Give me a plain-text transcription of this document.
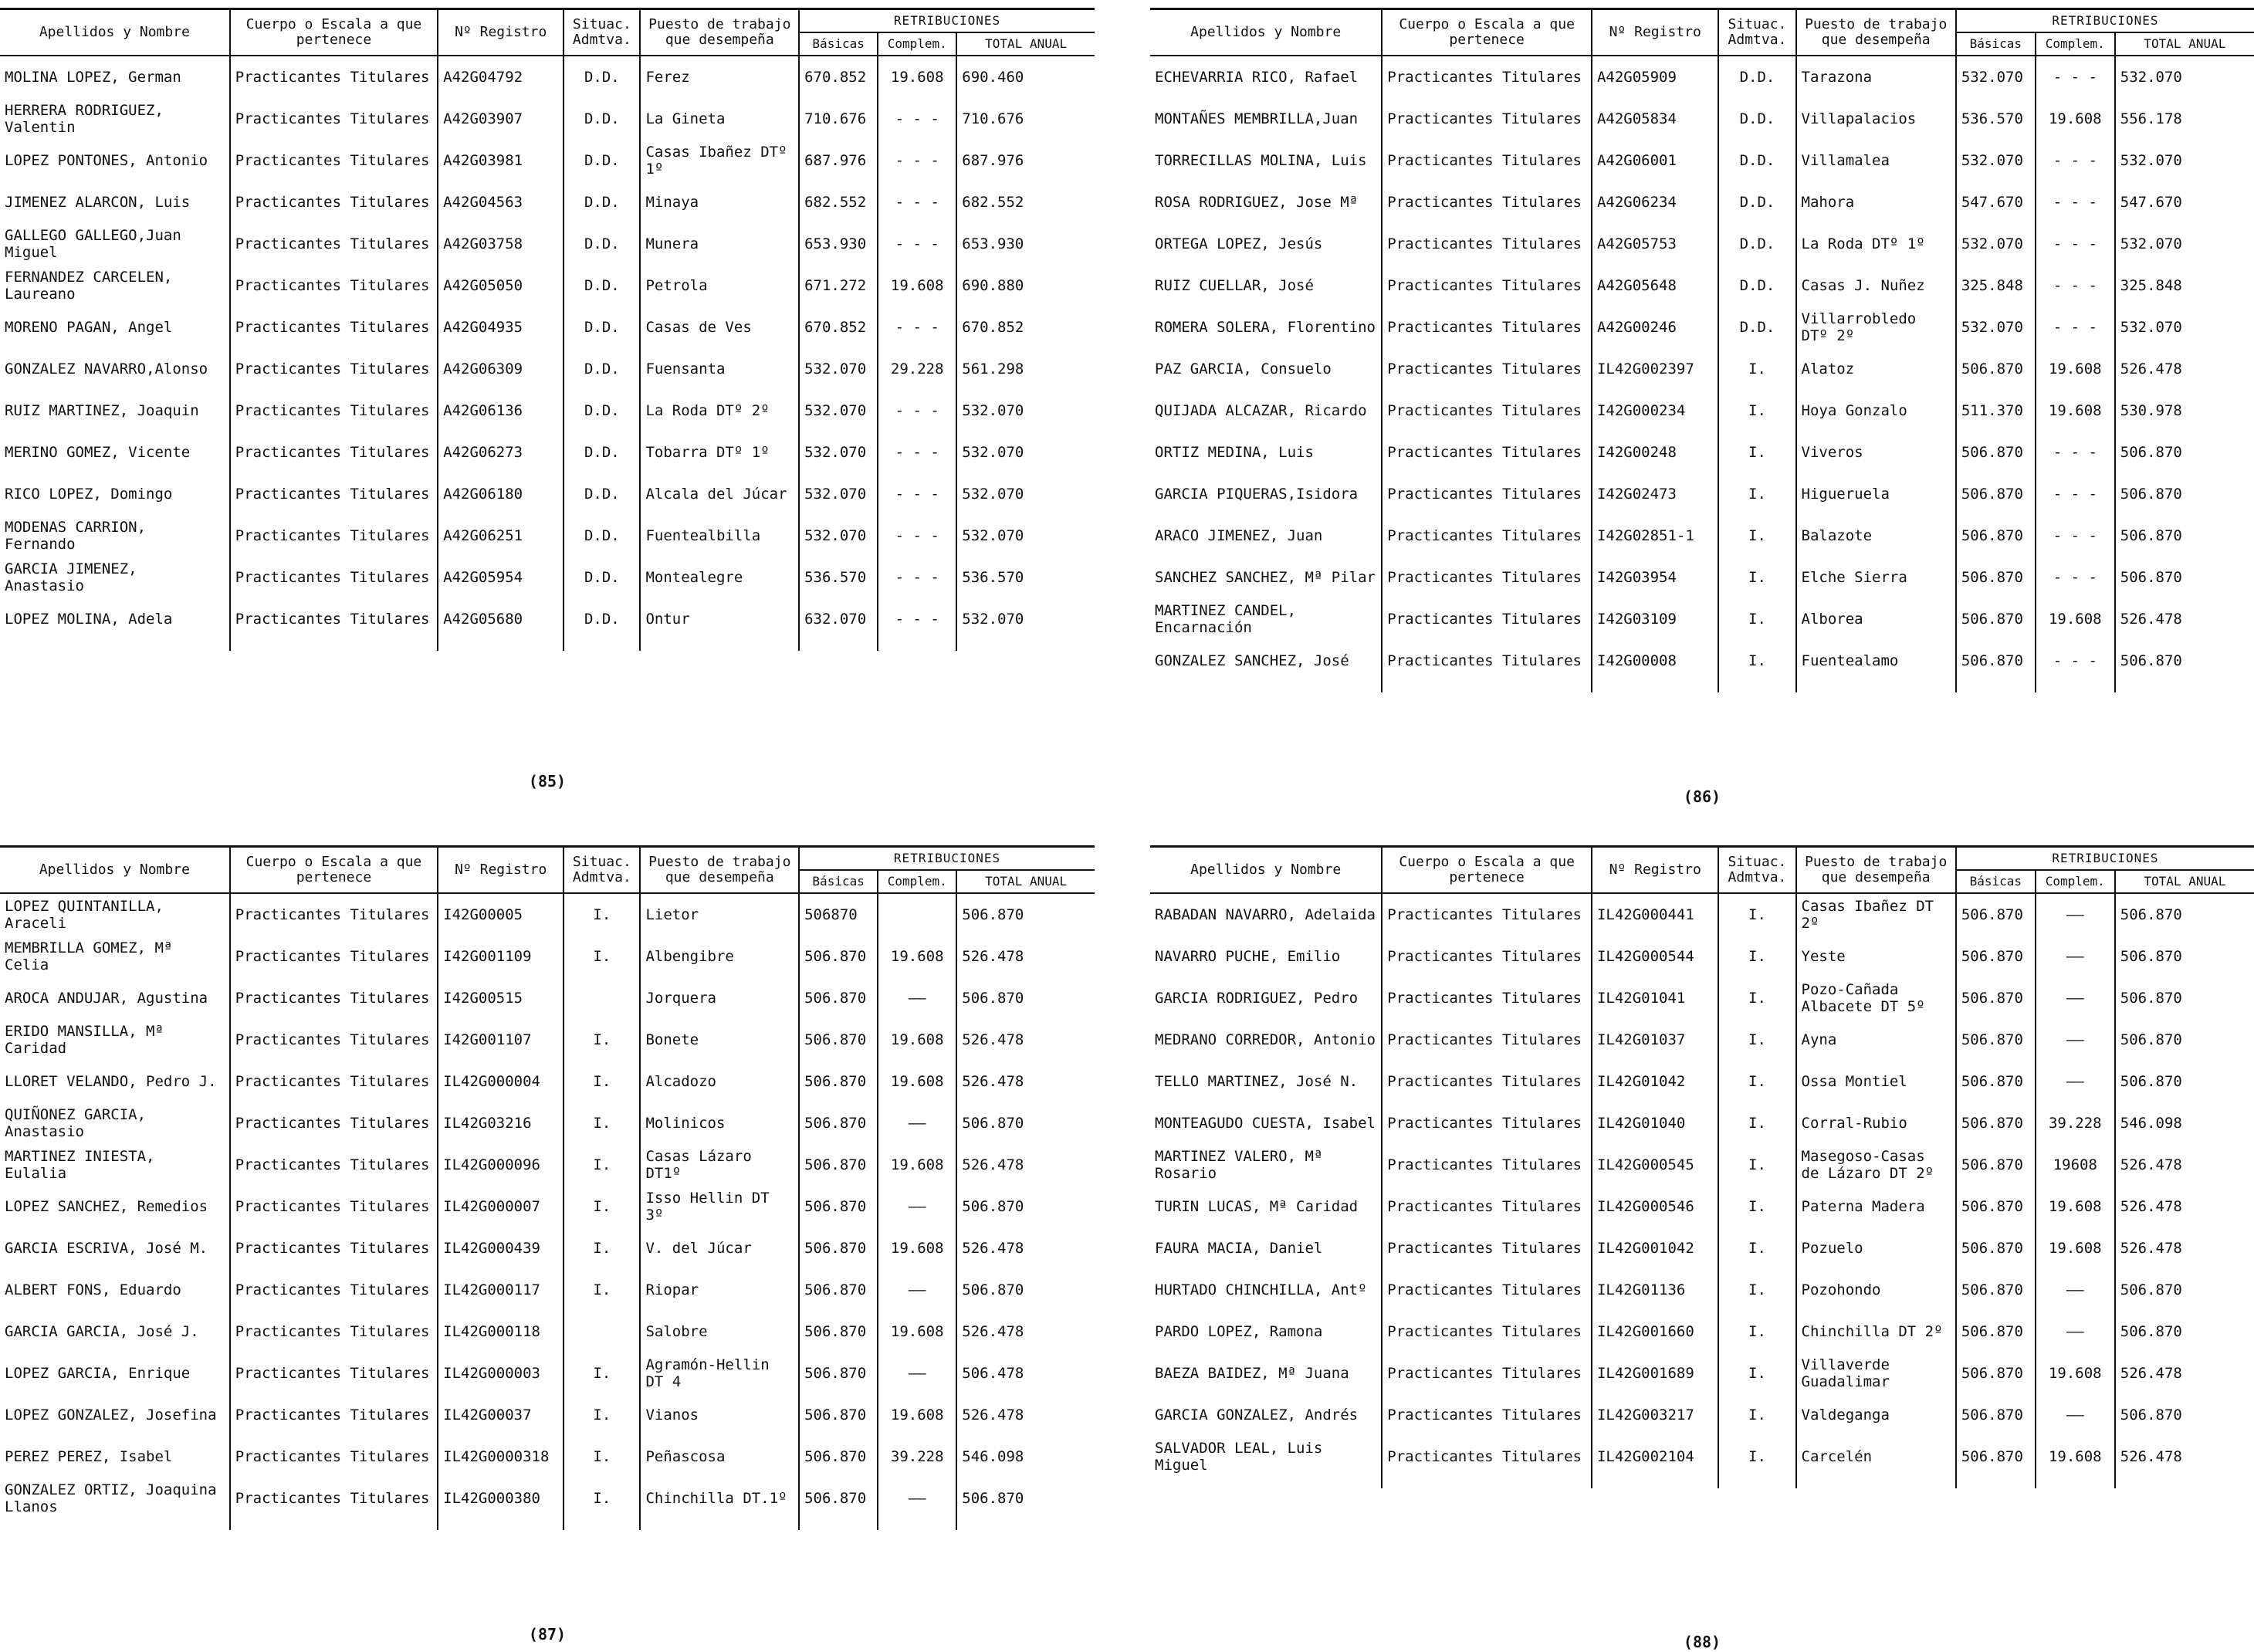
Apellidos y Nombre	Cuerpo o Escala a que pertenece	Nº Registro	Situac. Admtva.	Puesto de trabajo que desempeña	RETRIBUCIONES		
					Básicas	Complem.	TOTAL ANUAL
MOLINA LOPEZ, German	Practicantes Titulares	A42G04792	D.D.	Ferez	670.852	19.608	690.460
HERRERA RODRIGUEZ, Valentin	Practicantes Titulares	A42G03907	D.D.	La Gineta	710.676	- - -	710.676
LOPEZ PONTONES, Antonio	Practicantes Titulares	A42G03981	D.D.	Casas Ibañez DTº 1º	687.976	- - -	687.976
JIMENEZ ALARCON, Luis	Practicantes Titulares	A42G04563	D.D.	Minaya	682.552	- - -	682.552
GALLEGO GALLEGO,Juan Miguel	Practicantes Titulares	A42G03758	D.D.	Munera	653.930	- - -	653.930
FERNANDEZ CARCELEN, Laureano	Practicantes Titulares	A42G05050	D.D.	Petrola	671.272	19.608	690.880
MORENO PAGAN, Angel	Practicantes Titulares	A42G04935	D.D.	Casas de Ves	670.852	- - -	670.852
GONZALEZ NAVARRO,Alonso	Practicantes Titulares	A42G06309	D.D.	Fuensanta	532.070	29.228	561.298
RUIZ MARTINEZ, Joaquin	Practicantes Titulares	A42G06136	D.D.	La Roda DTº 2º	532.070	- - -	532.070
MERINO GOMEZ, Vicente	Practicantes Titulares	A42G06273	D.D.	Tobarra DTº 1º	532.070	- - -	532.070
RICO LOPEZ, Domingo	Practicantes Titulares	A42G06180	D.D.	Alcala del Júcar	532.070	- - -	532.070
MODENAS CARRION, Fernando	Practicantes Titulares	A42G06251	D.D.	Fuentealbilla	532.070	- - -	532.070
GARCIA JIMENEZ, Anastasio	Practicantes Titulares	A42G05954	D.D.	Montealegre	536.570	- - -	536.570
LOPEZ MOLINA, Adela	Practicantes Titulares	A42G05680	D.D.	Ontur	632.070	- - -	532.070
(85)
Apellidos y Nombre	Cuerpo o Escala a que pertenece	Nº Registro	Situac. Admtva.	Puesto de trabajo que desempeña	RETRIBUCIONES		
					Básicas	Complem.	TOTAL ANUAL
ECHEVARRIA RICO, Rafael	Practicantes Titulares	A42G05909	D.D.	Tarazona	532.070	- - -	532.070
MONTAÑES MEMBRILLA,Juan	Practicantes Titulares	A42G05834	D.D.	Villapalacios	536.570	19.608	556.178
TORRECILLAS MOLINA, Luis	Practicantes Titulares	A42G06001	D.D.	Villamalea	532.070	- - -	532.070
ROSA RODRIGUEZ, Jose Mª	Practicantes Titulares	A42G06234	D.D.	Mahora	547.670	- - -	547.670
ORTEGA LOPEZ, Jesús	Practicantes Titulares	A42G05753	D.D.	La Roda DTº 1º	532.070	- - -	532.070
RUIZ CUELLAR, José	Practicantes Titulares	A42G05648	D.D.	Casas J. Nuñez	325.848	- - -	325.848
ROMERA SOLERA, Florentino	Practicantes Titulares	A42G00246	D.D.	Villarrobledo DTº 2º	532.070	- - -	532.070
PAZ GARCIA, Consuelo	Practicantes Titulares	IL42G002397	I.	Alatoz	506.870	19.608	526.478
QUIJADA ALCAZAR, Ricardo	Practicantes Titulares	I42G000234	I.	Hoya Gonzalo	511.370	19.608	530.978
ORTIZ MEDINA, Luis	Practicantes Titulares	I42G00248	I.	Viveros	506.870	- - -	506.870
GARCIA PIQUERAS,Isidora	Practicantes Titulares	I42G02473	I.	Higueruela	506.870	- - -	506.870
ARACO JIMENEZ, Juan	Practicantes Titulares	I42G02851-1	I.	Balazote	506.870	- - -	506.870
SANCHEZ SANCHEZ, Mª Pilar	Practicantes Titulares	I42G03954	I.	Elche Sierra	506.870	- - -	506.870
MARTINEZ CANDEL, Encarnación	Practicantes Titulares	I42G03109	I.	Alborea	506.870	19.608	526.478
GONZALEZ SANCHEZ, José	Practicantes Titulares	I42G00008	I.	Fuentealamo	506.870	- - -	506.870
(86)
Apellidos y Nombre	Cuerpo o Escala a que pertenece	Nº Registro	Situac. Admtva.	Puesto de trabajo que desempeña	RETRIBUCIONES		
					Básicas	Complem.	TOTAL ANUAL
LOPEZ QUINTANILLA, Araceli	Practicantes Titulares	I42G00005	I.	Lietor	506870		506.870
MEMBRILLA GOMEZ, Mª Celia	Practicantes Titulares	I42G001109	I.	Albengibre	506.870	19.608	526.478
AROCA ANDUJAR, Agustina	Practicantes Titulares	I42G00515		Jorquera	506.870	——	506.870
ERIDO MANSILLA, Mª Caridad	Practicantes Titulares	I42G001107	I.	Bonete	506.870	19.608	526.478
LLORET VELANDO, Pedro J.	Practicantes Titulares	IL42G000004	I.	Alcadozo	506.870	19.608	526.478
QUIÑONEZ GARCIA, Anastasio	Practicantes Titulares	IL42G03216	I.	Molinicos	506.870	——	506.870
MARTINEZ INIESTA, Eulalia	Practicantes Titulares	IL42G000096	I.	Casas Lázaro DT1º	506.870	19.608	526.478
LOPEZ SANCHEZ, Remedios	Practicantes Titulares	IL42G000007	I.	Isso Hellin DT 3º	506.870	——	506.870
GARCIA ESCRIVA, José M.	Practicantes Titulares	IL42G000439	I.	V. del Júcar	506.870	19.608	526.478
ALBERT FONS, Eduardo	Practicantes Titulares	IL42G000117	I.	Riopar	506.870	——	506.870
GARCIA GARCIA, José J.	Practicantes Titulares	IL42G000118		Salobre	506.870	19.608	526.478
LOPEZ GARCIA, Enrique	Practicantes Titulares	IL42G000003	I.	Agramón-Hellin DT 4	506.870	——	506.478
LOPEZ GONZALEZ, Josefina	Practicantes Titulares	IL42G00037	I.	Vianos	506.870	19.608	526.478
PEREZ PEREZ, Isabel	Practicantes Titulares	IL42G0000318	I.	Peñascosa	506.870	39.228	546.098
GONZALEZ ORTIZ, Joaquina Llanos	Practicantes Titulares	IL42G000380	I.	Chinchilla DT.1º	506.870	——	506.870
(87)
Apellidos y Nombre	Cuerpo o Escala a que pertenece	Nº Registro	Situac. Admtva.	Puesto de trabajo que desempeña	RETRIBUCIONES		
					Básicas	Complem.	TOTAL ANUAL
RABADAN NAVARRO, Adelaida	Practicantes Titulares	IL42G000441	I.	Casas Ibañez DT 2º	506.870	——	506.870
NAVARRO PUCHE, Emilio	Practicantes Titulares	IL42G000544	I.	Yeste	506.870	——	506.870
GARCIA RODRIGUEZ, Pedro	Practicantes Titulares	IL42G01041	I.	Pozo-Cañada Albacete DT 5º	506.870	——	506.870
MEDRANO CORREDOR, Antonio	Practicantes Titulares	IL42G01037	I.	Ayna	506.870	——	506.870
TELLO MARTINEZ, José N.	Practicantes Titulares	IL42G01042	I.	Ossa Montiel	506.870	——	506.870
MONTEAGUDO CUESTA, Isabel	Practicantes Titulares	IL42G01040	I.	Corral-Rubio	506.870	39.228	546.098
MARTINEZ VALERO, Mª Rosario	Practicantes Titulares	IL42G000545	I.	Masegoso-Casas de Lázaro DT 2º	506.870	19608	526.478
TURIN LUCAS, Mª Caridad	Practicantes Titulares	IL42G000546	I.	Paterna Madera	506.870	19.608	526.478
FAURA MACIA, Daniel	Practicantes Titulares	IL42G001042	I.	Pozuelo	506.870	19.608	526.478
HURTADO CHINCHILLA, Antº	Practicantes Titulares	IL42G01136	I.	Pozohondo	506.870	——	506.870
PARDO LOPEZ, Ramona	Practicantes Titulares	IL42G001660	I.	Chinchilla DT 2º	506.870	——	506.870
BAEZA BAIDEZ, Mª Juana	Practicantes Titulares	IL42G001689	I.	Villaverde Guadalimar	506.870	19.608	526.478
GARCIA GONZALEZ, Andrés	Practicantes Titulares	IL42G003217	I.	Valdeganga	506.870	——	506.870
SALVADOR LEAL, Luis Miguel	Practicantes Titulares	IL42G002104	I.	Carcelén	506.870	19.608	526.478
(88)
